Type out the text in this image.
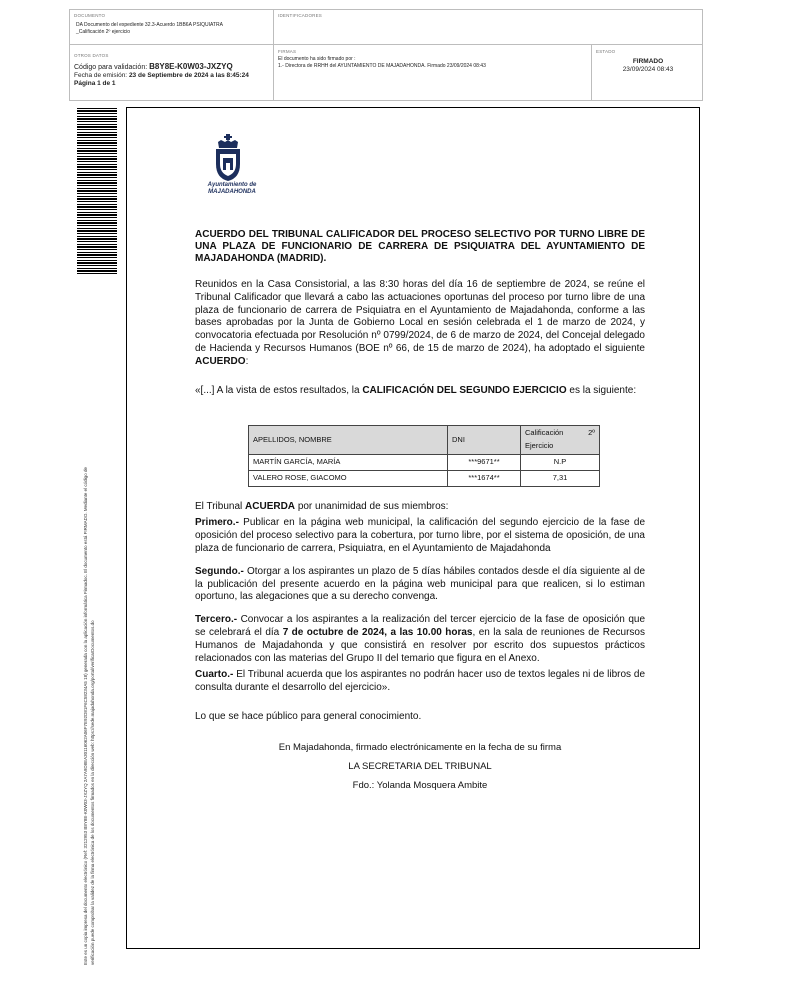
DOCUMENTO
DA Documento del expediente 32.3-Acuerdo 1BB6A PSIQUIATRA
_Calificación 2º ejercicio
IDENTIFICADORES
OTROS DATOS
Código para validación: B8Y8E-K0W03-JXZYQ
Fecha de emisión: 23 de Septiembre de 2024 a las 8:45:24
Página 1 de 1
FIRMAS
El documento ha sido firmado por :
1.- Directora de RRHH del AYUNTAMIENTO DE MAJADAHONDA. Firmado 23/09/2024 08:43
ESTADO
FIRMADO
23/09/2024 08:43
Este es un copia impresa del documento electrónico (Ref: 3212953 B8Y8E-K0W03-JXZYQ 2A7A9D8EA30116062A06F7E92D81F6C58234A5 18) generada con la aplicación informática Firmadoc. El documento está FIRMADO. Mediante el código de verificación puede comprobar la validez de la firma electrónica de los documentos firmados en la dirección web: https://sede.majadahonda.org/portal/verificarDocumentos.do
Ayuntamiento de
MAJADAHONDA
ACUERDO DEL TRIBUNAL CALIFICADOR DEL PROCESO SELECTIVO POR TURNO LIBRE DE UNA PLAZA DE FUNCIONARIO DE CARRERA DE PSIQUIATRA DEL AYUNTAMIENTO DE MAJADAHONDA (MADRID).

Reunidos en la Casa Consistorial, a las 8:30 horas del día 16 de septiembre de 2024, se reúne el Tribunal Calificador que llevará a cabo las actuaciones oportunas del proceso por turno libre de una plaza de funcionario de carrera de Psiquiatra en el Ayuntamiento de Majadahonda, conforme a las bases aprobadas por la Junta de Gobierno Local en sesión celebrada el 1 de marzo de 2024, y convocatoria efectuada por Resolución nº 0799/2024, de 6 de marzo de 2024, del Concejal delegado de Hacienda y Recursos Humanos (BOE nº 66, de 15 de marzo de 2024), ha adoptado el siguiente ACUERDO:

«[...] A la vista de estos resultados, la CALIFICACIÓN DEL SEGUNDO EJERCICIO es la siguiente:

APELLIDOS, NOMBRE	DNI	Calificación 2º Ejercicio
MARTÍN GARCÍA, MARÍA	***9671**	N.P
VALERO ROSE, GIACOMO	***1674**	7,31

El Tribunal ACUERDA por unanimidad de sus miembros:

Primero.- Publicar en la página web municipal, la calificación del segundo ejercicio de la fase de oposición del proceso selectivo para la cobertura, por turno libre, por el sistema de oposición, de una plaza de funcionario de carrera, Psiquiatra, en el Ayuntamiento de Majadahonda

Segundo.- Otorgar a los aspirantes un plazo de 5 días hábiles contados desde el día siguiente al de la publicación del presente acuerdo en la página web municipal para que realicen, si lo estiman oportuno, las alegaciones que a su derecho convenga.

Tercero.- Convocar a los aspirantes a la realización del tercer ejercicio de la fase de oposición que se celebrará el día 7 de octubre de 2024, a las 10.00 horas, en la sala de reuniones de Recursos Humanos de Majadahonda y que consistirá en resolver por escrito dos supuestos prácticos relacionados con las materias del Grupo II del temario que figura en el Anexo.

Cuarto.- El Tribunal acuerda que los aspirantes no podrán hacer uso de textos legales ni de libros de consulta durante el desarrollo del ejercicio».

Lo que se hace público para general conocimiento.

En Majadahonda, firmado electrónicamente en la fecha de su firma
LA SECRETARIA DEL TRIBUNAL
Fdo.: Yolanda Mosquera Ambite
